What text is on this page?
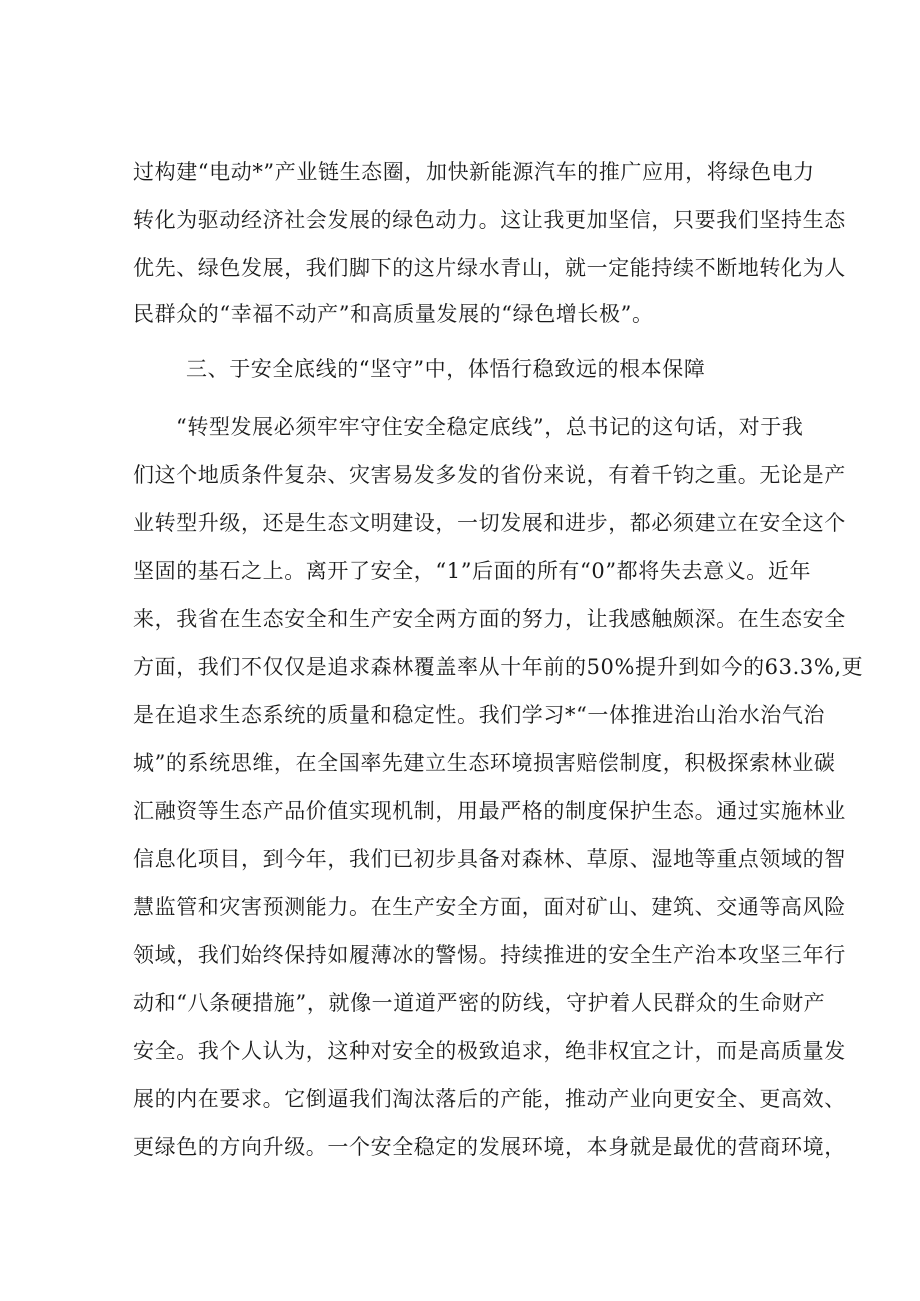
过构建“电动*”产业链生态圈，加快新能源汽车的推广应用，将绿色电力
转化为驱动经济社会发展的绿色动力。这让我更加坚信，只要我们坚持生态
优先、绿色发展，我们脚下的这片绿水青山，就一定能持续不断地转化为人
民群众的“幸福不动产”和高质量发展的“绿色增长极”。
三、于安全底线的“坚守”中，体悟行稳致远的根本保障
“转型发展必须牢牢守住安全稳定底线”，总书记的这句话，对于我
们这个地质条件复杂、灾害易发多发的省份来说，有着千钧之重。无论是产
业转型升级，还是生态文明建设，一切发展和进步，都必须建立在安全这个
坚固的基石之上。离开了安全，“1”后面的所有“0”都将失去意义。近年
来，我省在生态安全和生产安全两方面的努力，让我感触颇深。在生态安全
方面，我们不仅仅是追求森林覆盖率从十年前的50%提升到如今的63.3%,更
是在追求生态系统的质量和稳定性。我们学习*“一体推进治山治水治气治
城”的系统思维，在全国率先建立生态环境损害赔偿制度，积极探索林业碳
汇融资等生态产品价值实现机制，用最严格的制度保护生态。通过实施林业
信息化项目，到今年，我们已初步具备对森林、草原、湿地等重点领域的智
慧监管和灾害预测能力。在生产安全方面，面对矿山、建筑、交通等高风险
领域，我们始终保持如履薄冰的警惕。持续推进的安全生产治本攻坚三年行
动和“八条硬措施”，就像一道道严密的防线，守护着人民群众的生命财产
安全。我个人认为，这种对安全的极致追求，绝非权宜之计，而是高质量发
展的内在要求。它倒逼我们淘汰落后的产能，推动产业向更安全、更高效、
更绿色的方向升级。一个安全稳定的发展环境，本身就是最优的营商环境，
